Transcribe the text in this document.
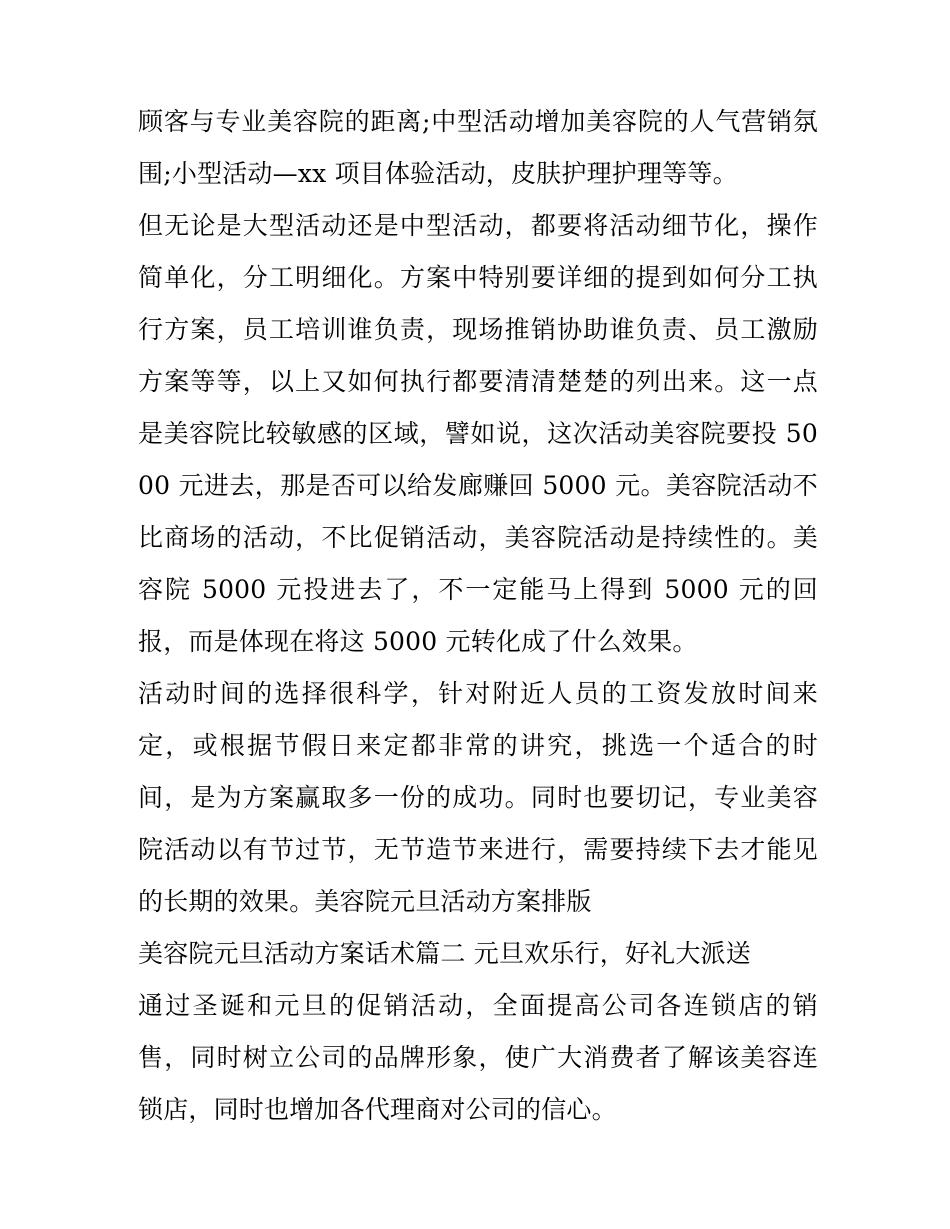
顾客与专业美容院的距离;中型活动增加美容院的人气营销氛围;小型活动—xx 项目体验活动，皮肤护理护理等等。

但无论是大型活动还是中型活动，都要将活动细节化，操作简单化，分工明细化。方案中特别要详细的提到如何分工执行方案，员工培训谁负责，现场推销协助谁负责、员工激励方案等等，以上又如何执行都要清清楚楚的列出来。这一点是美容院比较敏感的区域，譬如说，这次活动美容院要投 5000 元进去，那是否可以给发廊赚回 5000 元。美容院活动不比商场的活动，不比促销活动，美容院活动是持续性的。美容院 5000 元投进去了，不一定能马上得到 5000 元的回报，而是体现在将这 5000 元转化成了什么效果。

活动时间的选择很科学，针对附近人员的工资发放时间来定，或根据节假日来定都非常的讲究，挑选一个适合的时间，是为方案赢取多一份的成功。同时也要切记，专业美容院活动以有节过节，无节造节来进行，需要持续下去才能见的长期的效果。美容院元旦活动方案排版

美容院元旦活动方案话术篇二 元旦欢乐行，好礼大派送

通过圣诞和元旦的促销活动，全面提高公司各连锁店的销售，同时树立公司的品牌形象，使广大消费者了解该美容连锁店，同时也增加各代理商对公司的信心。
